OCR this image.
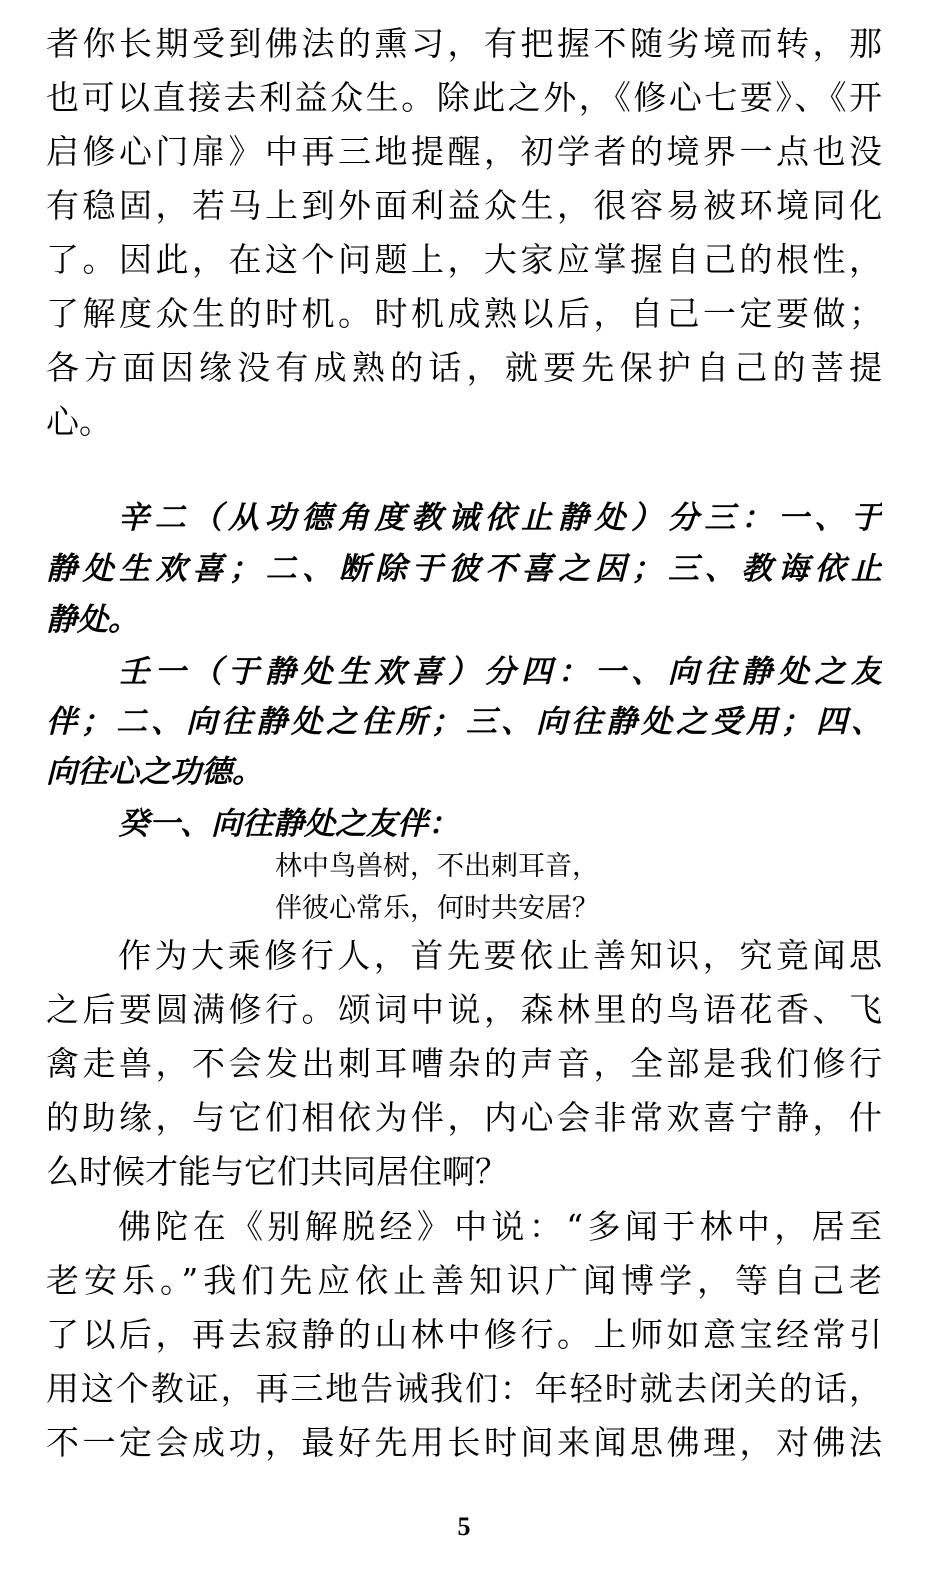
者你长期受到佛法的熏习，有把握不随劣境而转，那
也可以直接去利益众生。除此之外，《修心七要》、《开
启修心门扉》中再三地提醒，初学者的境界一点也没
有稳固，若马上到外面利益众生，很容易被环境同化
了。因此，在这个问题上，大家应掌握自己的根性，
了解度众生的时机。时机成熟以后，自己一定要做；
各方面因缘没有成熟的话，就要先保护自己的菩提
心。
辛二（从功德角度教诫依止静处）分三：一、于
静处生欢喜；二、断除于彼不喜之因；三、教诲依止
静处。
壬一（于静处生欢喜）分四：一、向往静处之友
伴；二、向往静处之住所；三、向往静处之受用；四、
向往心之功德。
癸一、向往静处之友伴：
林中鸟兽树，不出刺耳音，
伴彼心常乐，何时共安居？
作为大乘修行人，首先要依止善知识，究竟闻思
之后要圆满修行。颂词中说，森林里的鸟语花香、飞
禽走兽，不会发出刺耳嘈杂的声音，全部是我们修行
的助缘，与它们相依为伴，内心会非常欢喜宁静，什
么时候才能与它们共同居住啊？
佛陀在《别解脱经》中说：“多闻于林中，居至
老安乐。”我们先应依止善知识广闻博学，等自己老
了以后，再去寂静的山林中修行。上师如意宝经常引
用这个教证，再三地告诫我们：年轻时就去闭关的话，
不一定会成功，最好先用长时间来闻思佛理，对佛法
5
